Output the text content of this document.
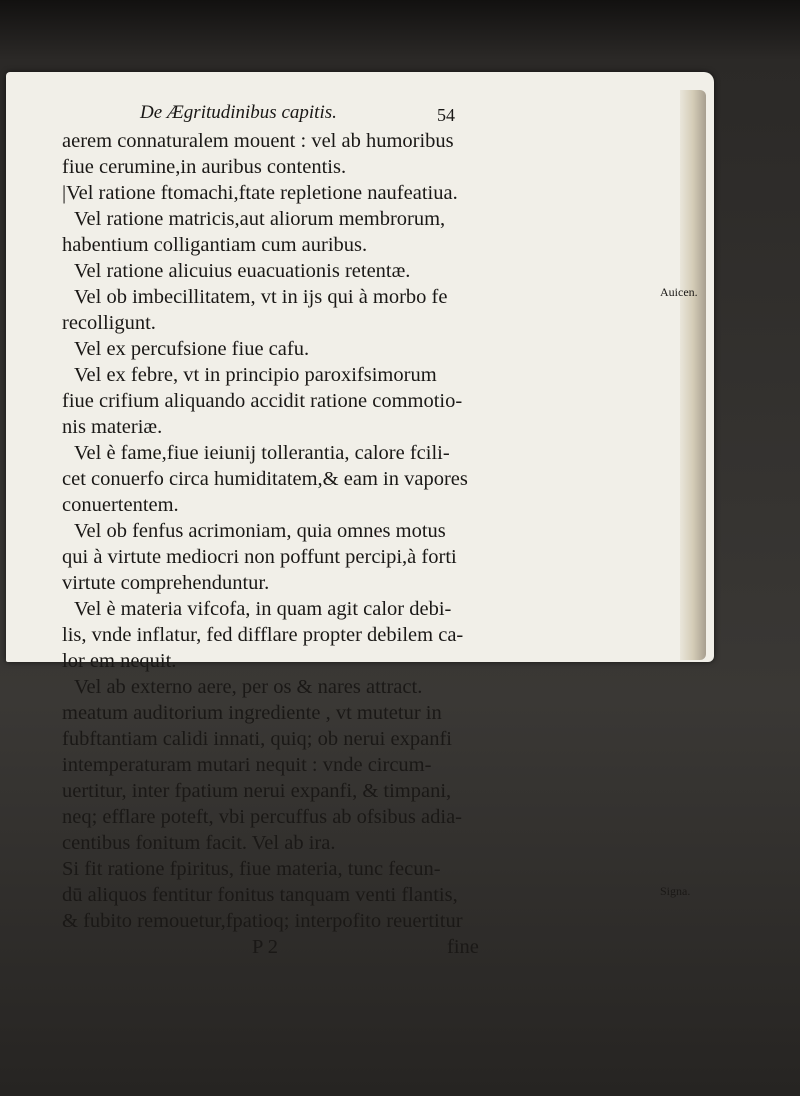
De Ægritudinibus capitis.	54
aerem connaturalem mouent : vel ab humoribus
fiue cerumine,in auribus contentis.
|Vel ratione ftomachi,ftate repletione naufeatiua.
Vel ratione matricis,aut aliorum membrorum,
habentium colligantiam cum auribus.
Vel ratione alicuius euacuationis retentæ.
Vel ob imbecillitatem, vt in ijs qui à morbo fe
recolligunt.
Vel ex percufsione fiue cafu.
Vel ex febre, vt in principio paroxifsimorum
fiue crifium aliquando accidit ratione commotio-
nis materiæ.
Vel è fame,fiue ieiunij tollerantia, calore fcili-
cet conuerfo circa humiditatem,& eam in vapores
conuertentem.
Vel ob fenfus acrimoniam, quia omnes motus
qui à virtute mediocri non poffunt percipi,à forti
virtute comprehenduntur.
Vel è materia vifcofa, in quam agit calor debi-
lis, vnde inflatur, fed difflare propter debilem ca-
lor em nequit.
Vel ab externo aere, per os & nares attract.
meatum auditorium ingrediente , vt mutetur in
fubftantiam calidi innati, quiq; ob nerui expanfi
intemperaturam mutari nequit : vnde circum-
uertitur, inter fpatium nerui expanfi, & timpani,
neq; efflare poteft, vbi percuffus ab ofsibus adia-
centibus fonitum facit. Vel ab ira.
Si fit ratione fpiritus, fiue materia, tunc fecun-
dū aliquos fentitur fonitus tanquam venti flantis,
& fubito remouetur,fpatioq; interpofito reuertitur
P 2	fine
Auicen.
Signa.
